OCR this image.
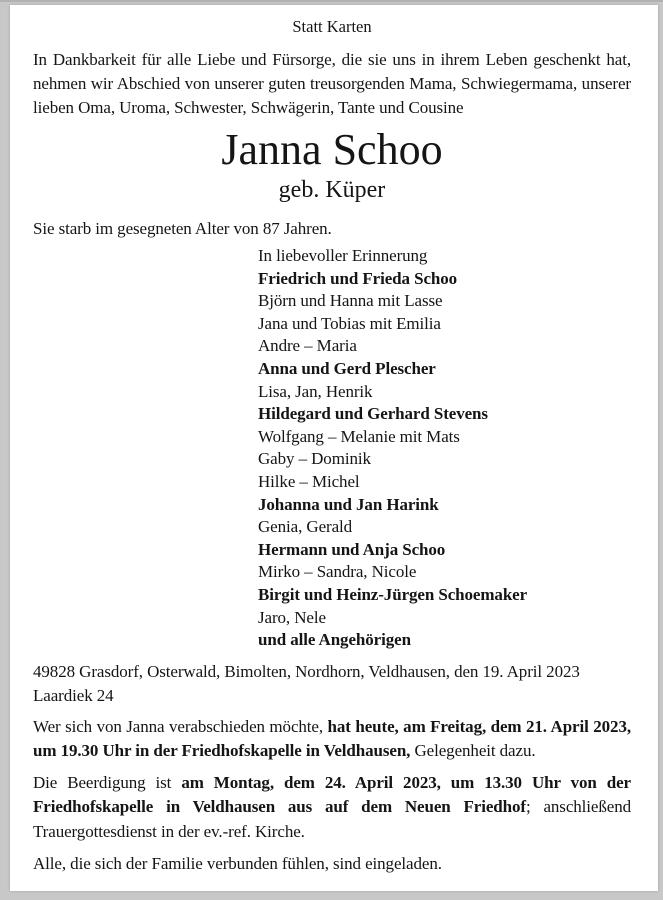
Statt Karten

In Dankbarkeit für alle Liebe und Fürsorge, die sie uns in ihrem Leben geschenkt hat, nehmen wir Abschied von unserer guten treusorgenden Mama, Schwiegermama, unserer lieben Oma, Uroma, Schwester, Schwägerin, Tante und Cousine

Janna Schoo
geb. Küper

Sie starb im gesegneten Alter von 87 Jahren.

In liebevoller Erinnerung
Friedrich und Frieda Schoo
Björn und Hanna mit Lasse
Jana und Tobias mit Emilia
Andre – Maria
Anna und Gerd Plescher
Lisa, Jan, Henrik
Hildegard und Gerhard Stevens
Wolfgang – Melanie mit Mats
Gaby – Dominik
Hilke – Michel
Johanna und Jan Harink
Genia, Gerald
Hermann und Anja Schoo
Mirko – Sandra, Nicole
Birgit und Heinz-Jürgen Schoemaker
Jaro, Nele
und alle Angehörigen

49828 Grasdorf, Osterwald, Bimolten, Nordhorn, Veldhausen, den 19. April 2023

Laardiek 24

Wer sich von Janna verabschieden möchte, hat heute, am Freitag, dem 21. April 2023, um 19.30 Uhr in der Friedhofskapelle in Veldhausen, Gelegenheit dazu.

Die Beerdigung ist am Montag, dem 24. April 2023, um 13.30 Uhr von der Friedhofskapelle in Veldhausen aus auf dem Neuen Friedhof; anschließend Trauergottesdienst in der ev.-ref. Kirche.

Alle, die sich der Familie verbunden fühlen, sind eingeladen.
